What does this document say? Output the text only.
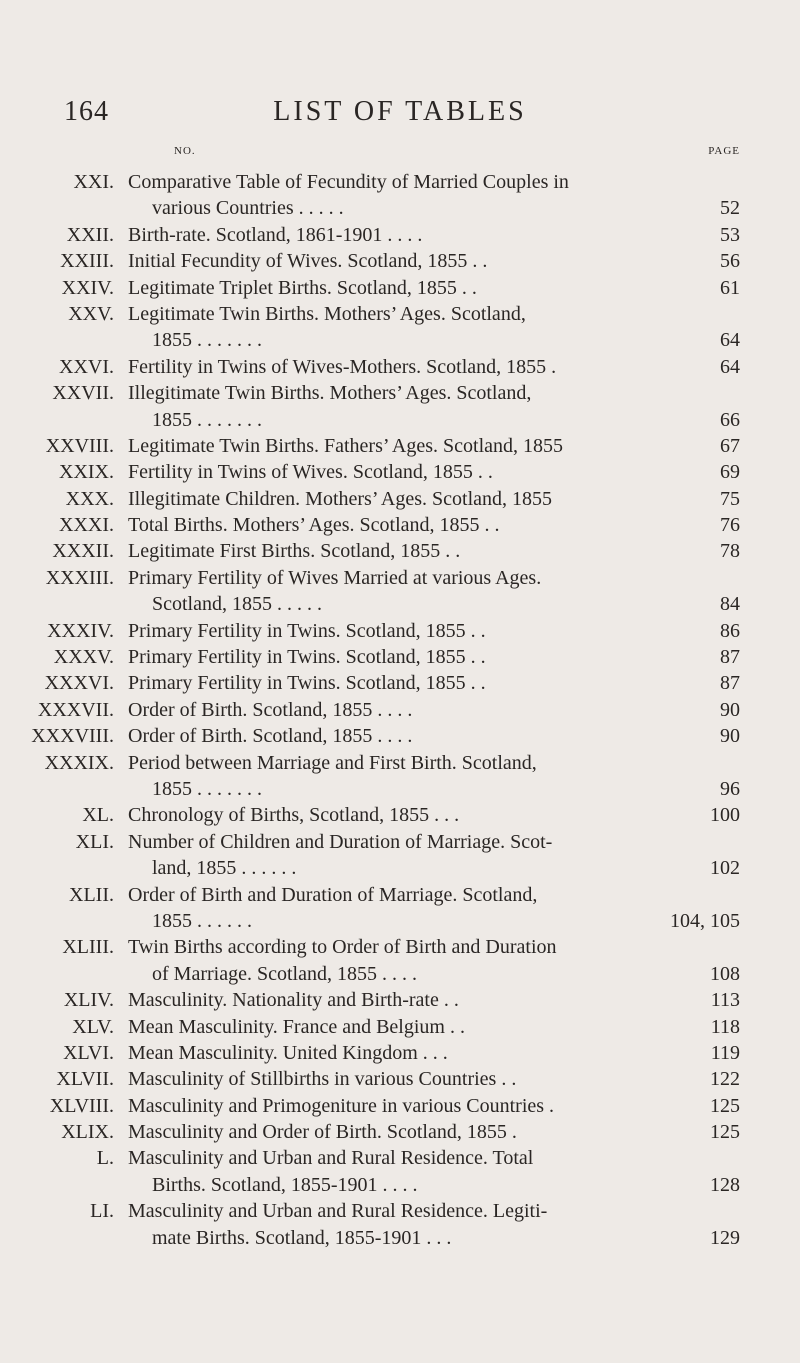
164	LIST OF TABLES
NO.	PAGE
XXI. Comparative Table of Fecundity of Married Couples in
various Countries . . . . .	52
XXII. Birth-rate. Scotland, 1861-1901 . . . .	53
XXIII. Initial Fecundity of Wives. Scotland, 1855 . .	56
XXIV. Legitimate Triplet Births. Scotland, 1855 . .	61
XXV. Legitimate Twin Births. Mothers’ Ages. Scotland,
1855 . . . . . . .	64
XXVI. Fertility in Twins of Wives-Mothers. Scotland, 1855 .	64
XXVII. Illegitimate Twin Births. Mothers’ Ages. Scotland,
1855 . . . . . . .	66
XXVIII. Legitimate Twin Births. Fathers’ Ages. Scotland, 1855	67
XXIX. Fertility in Twins of Wives. Scotland, 1855 . .	69
XXX. Illegitimate Children. Mothers’ Ages. Scotland, 1855	75
XXXI. Total Births. Mothers’ Ages. Scotland, 1855 . .	76
XXXII. Legitimate First Births. Scotland, 1855 . .	78
XXXIII. Primary Fertility of Wives Married at various Ages.
Scotland, 1855 . . . . .	84
XXXIV. Primary Fertility in Twins. Scotland, 1855 . .	86
XXXV. Primary Fertility in Twins. Scotland, 1855 . .	87
XXXVI. Primary Fertility in Twins. Scotland, 1855 . .	87
XXXVII. Order of Birth. Scotland, 1855 . . . .	90
XXXVIII. Order of Birth. Scotland, 1855 . . . .	90
XXXIX. Period between Marriage and First Birth. Scotland,
1855 . . . . . . .	96
XL. Chronology of Births, Scotland, 1855 . . .	100
XLI. Number of Children and Duration of Marriage. Scot-
land, 1855 . . . . . .	102
XLII. Order of Birth and Duration of Marriage. Scotland,
1855 . . . . . .	104, 105
XLIII. Twin Births according to Order of Birth and Duration
of Marriage. Scotland, 1855 . . . .	108
XLIV. Masculinity. Nationality and Birth-rate . .	113
XLV. Mean Masculinity. France and Belgium . .	118
XLVI. Mean Masculinity. United Kingdom . . .	119
XLVII. Masculinity of Stillbirths in various Countries . .	122
XLVIII. Masculinity and Primogeniture in various Countries .	125
XLIX. Masculinity and Order of Birth. Scotland, 1855 .	125
L. Masculinity and Urban and Rural Residence. Total
Births. Scotland, 1855-1901 . . . .	128
LI. Masculinity and Urban and Rural Residence. Legiti-
mate Births. Scotland, 1855-1901 . . .	129
